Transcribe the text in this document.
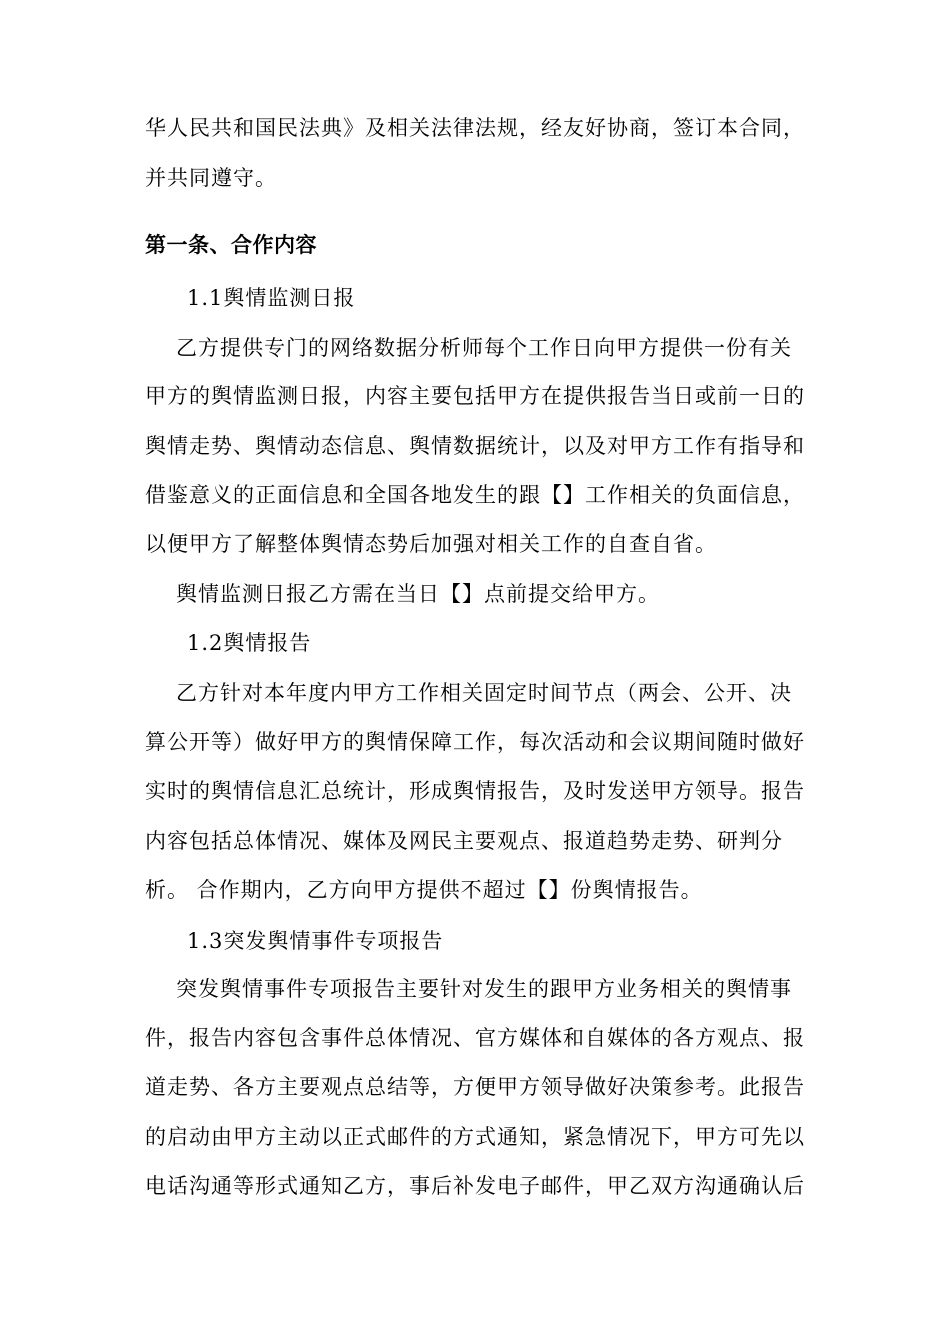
华人民共和国民法典》及相关法律法规，经友好协商，签订本合同，
并共同遵守。
第一条、合作内容
1.1舆情监测日报
乙方提供专门的网络数据分析师每个工作日向甲方提供一份有关
甲方的舆情监测日报，内容主要包括甲方在提供报告当日或前一日的
舆情走势、舆情动态信息、舆情数据统计，以及对甲方工作有指导和
借鉴意义的正面信息和全国各地发生的跟【】工作相关的负面信息，
以便甲方了解整体舆情态势后加强对相关工作的自查自省。
舆情监测日报乙方需在当日【】点前提交给甲方。
1.2舆情报告
乙方针对本年度内甲方工作相关固定时间节点（两会、公开、决
算公开等）做好甲方的舆情保障工作，每次活动和会议期间随时做好
实时的舆情信息汇总统计，形成舆情报告，及时发送甲方领导。报告
内容包括总体情况、媒体及网民主要观点、报道趋势走势、研判分
析。 合作期内，乙方向甲方提供不超过【】份舆情报告。
1.3突发舆情事件专项报告
突发舆情事件专项报告主要针对发生的跟甲方业务相关的舆情事
件，报告内容包含事件总体情况、官方媒体和自媒体的各方观点、报
道走势、各方主要观点总结等，方便甲方领导做好决策参考。此报告
的启动由甲方主动以正式邮件的方式通知，紧急情况下，甲方可先以
电话沟通等形式通知乙方，事后补发电子邮件，甲乙双方沟通确认后
